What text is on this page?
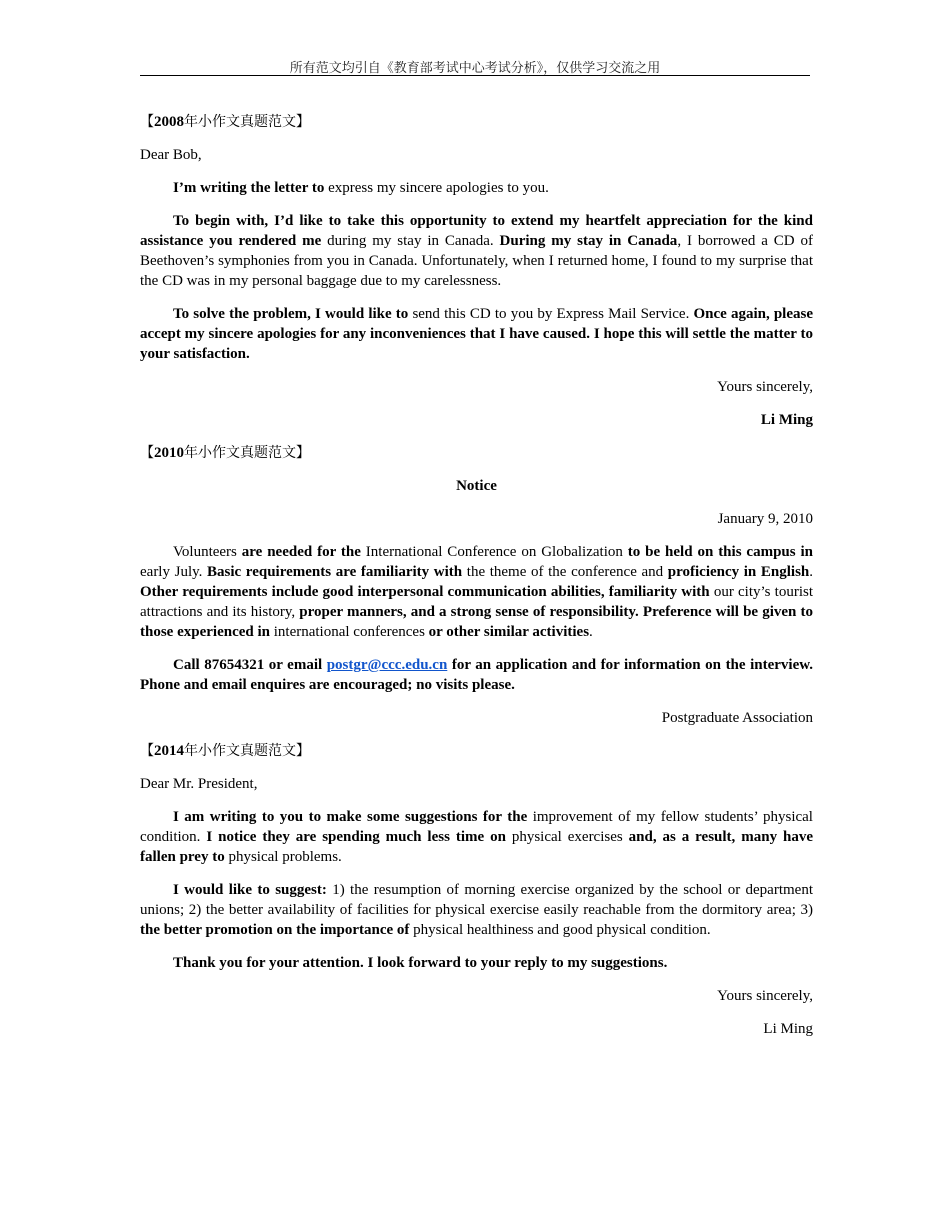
所有范文均引自《教育部考试中心考试分析》，仅供学习交流之用
【2008年小作文真题范文】

Dear Bob,

I’m writing the letter to express my sincere apologies to you.

To begin with, I’d like to take this opportunity to extend my heartfelt appreciation for the kind assistance you rendered me during my stay in Canada. During my stay in Canada, I borrowed a CD of Beethoven’s symphonies from you in Canada. Unfortunately, when I returned home, I found to my surprise that the CD was in my personal baggage due to my carelessness.

To solve the problem, I would like to send this CD to you by Express Mail Service. Once again, please accept my sincere apologies for any inconveniences that I have caused. I hope this will settle the matter to your satisfaction.

Yours sincerely,

Li Ming

【2010年小作文真题范文】

Notice

January 9, 2010

Volunteers are needed for the International Conference on Globalization to be held on this campus in early July. Basic requirements are familiarity with the theme of the conference and proficiency in English. Other requirements include good interpersonal communication abilities, familiarity with our city’s tourist attractions and its history, proper manners, and a strong sense of responsibility. Preference will be given to those experienced in international conferences or other similar activities.

Call 87654321 or email postgr@ccc.edu.cn for an application and for information on the interview. Phone and email enquires are encouraged; no visits please.

Postgraduate Association

【2014年小作文真题范文】

Dear Mr. President,

I am writing to you to make some suggestions for the improvement of my fellow students’ physical condition. I notice they are spending much less time on physical exercises and, as a result, many have fallen prey to physical problems.

I would like to suggest: 1) the resumption of morning exercise organized by the school or department unions; 2) the better availability of facilities for physical exercise easily reachable from the dormitory area; 3) the better promotion on the importance of physical healthiness and good physical condition.

Thank you for your attention. I look forward to your reply to my suggestions.

Yours sincerely,

Li Ming
